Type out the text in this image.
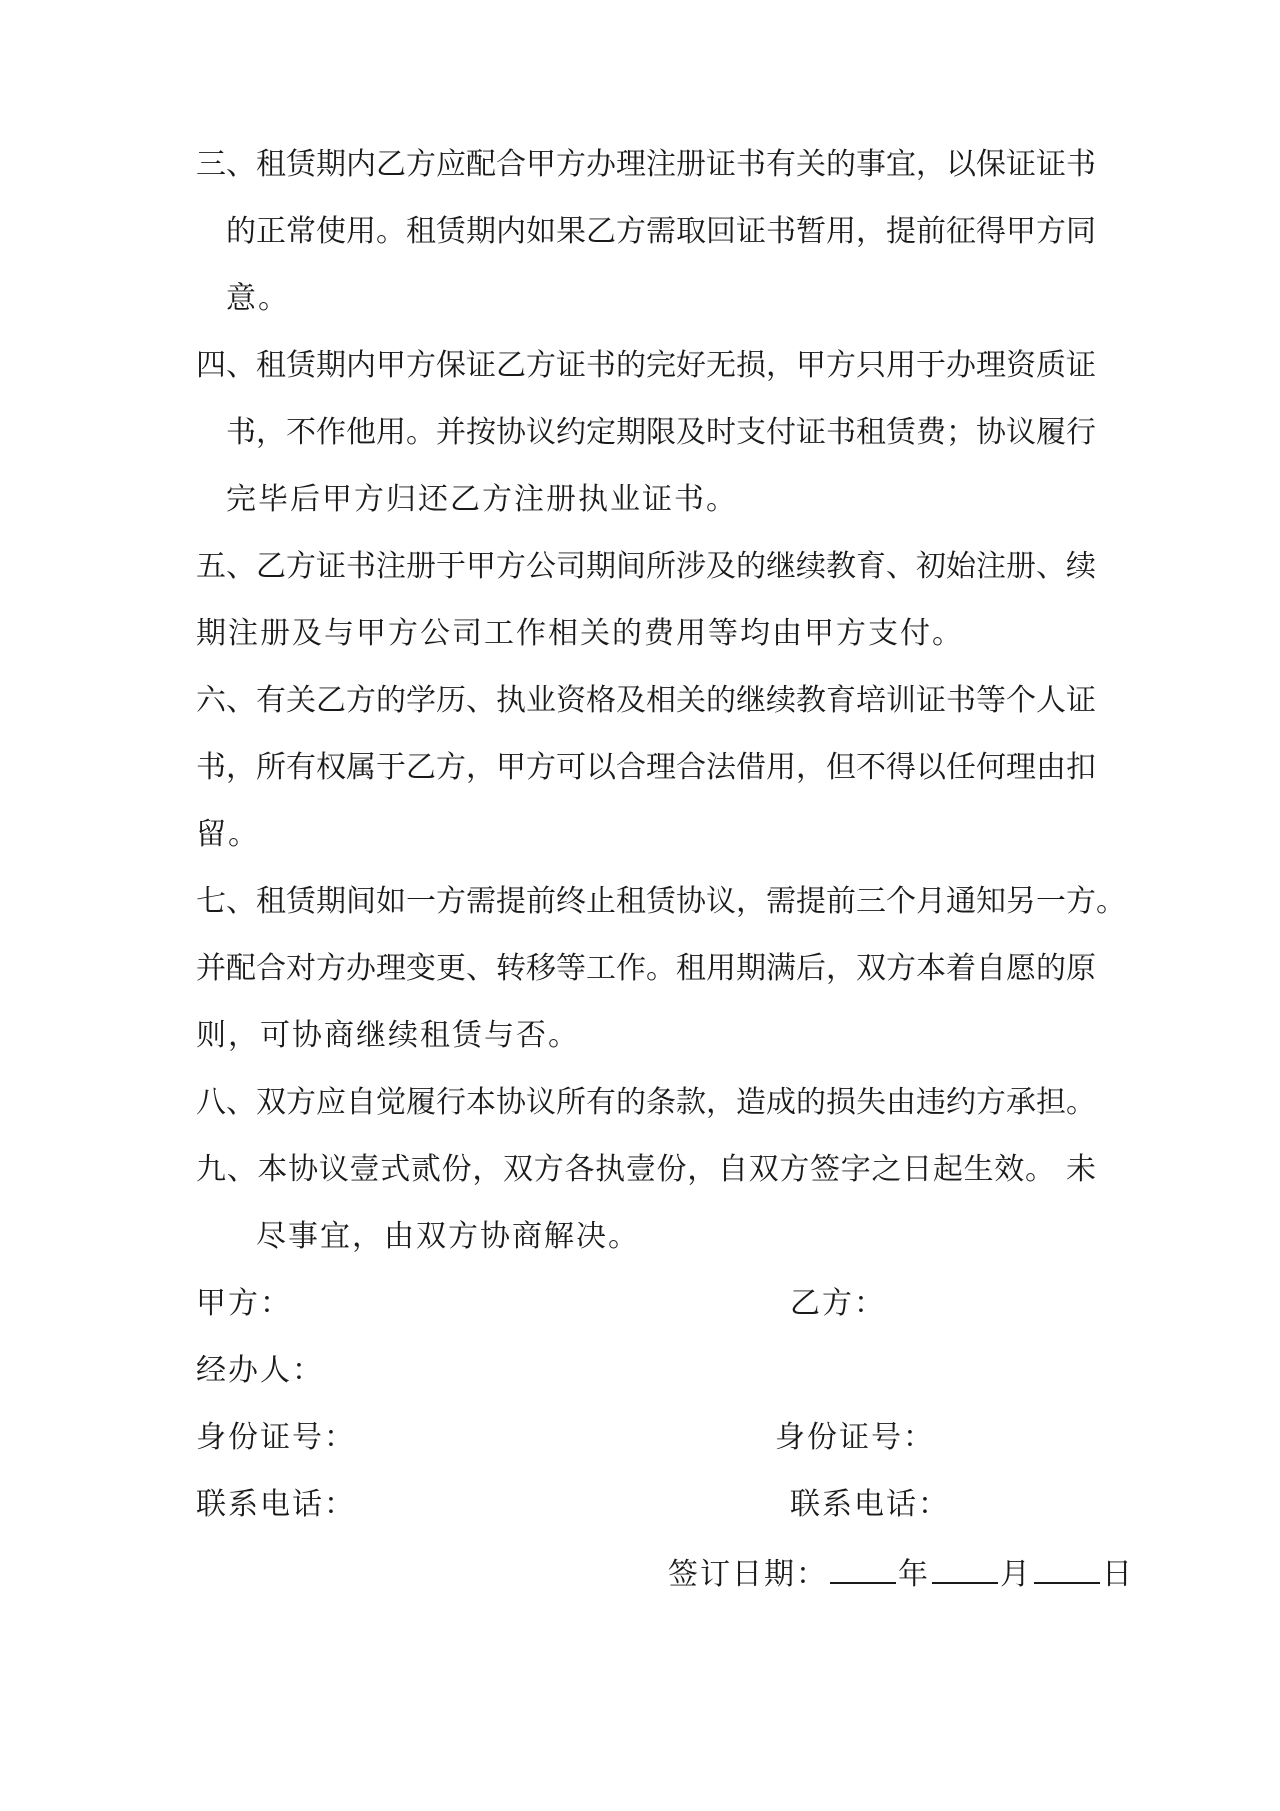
三 、 租 赁 期 内 乙 方 应 配 合 甲 方 办 理 注 册 证 书 有 关 的 事 宜 ， 以 保 证 证 书
的 正 常 使 用 。 租 赁 期 内 如 果 乙 方 需 取 回 证 书 暂 用 ， 提 前 征 得 甲 方 同
意。
四 、 租 赁 期 内 甲 方 保 证 乙 方 证 书 的 完 好 无 损 ， 甲 方 只 用 于 办 理 资 质 证
书 ， 不 作 他 用 。 并 按 协 议 约 定 期 限 及 时 支 付 证 书 租 赁 费 ； 协 议 履 行
完毕后甲方归还乙方注册执业证书。
五 、 乙 方 证 书 注 册 于 甲 方 公 司 期 间 所 涉 及 的 继 续 教 育 、 初 始 注 册 、 续
期注册及与甲方公司工作相关的费用等均由甲方支付。
六 、 有 关 乙 方 的 学 历 、 执 业 资 格 及 相 关 的 继 续 教 育 培 训 证 书 等 个 人 证
书 ， 所 有 权 属 于 乙 方 ， 甲 方 可 以 合 理 合 法 借 用 ， 但 不 得 以 任 何 理 由 扣
留。
七 、 租 赁 期 间 如 一 方 需 提 前 终 止 租 赁 协 议 ， 需 提 前 三 个 月 通 知 另 一 方 。
并 配 合 对 方 办 理 变 更 、 转 移 等 工 作 。 租 用 期 满 后 ， 双 方 本 着 自 愿 的 原
则，可协商继续租赁与否。
八 、 双 方 应 自 觉 履 行 本 协 议 所 有 的 条 款 ， 造 成 的 损 失 由 违 约 方 承 担 。
九 、 本 协 议 壹 式 贰 份 ， 双 方 各 执 壹 份 ， 自 双 方 签 字 之 日 起 生 效 。
未
尽事宜，由双方协商解决。
甲方：	乙方：
经办人：
身份证号：	身份证号：
联系电话：	联系电话：
签订日期： 年 月 日
